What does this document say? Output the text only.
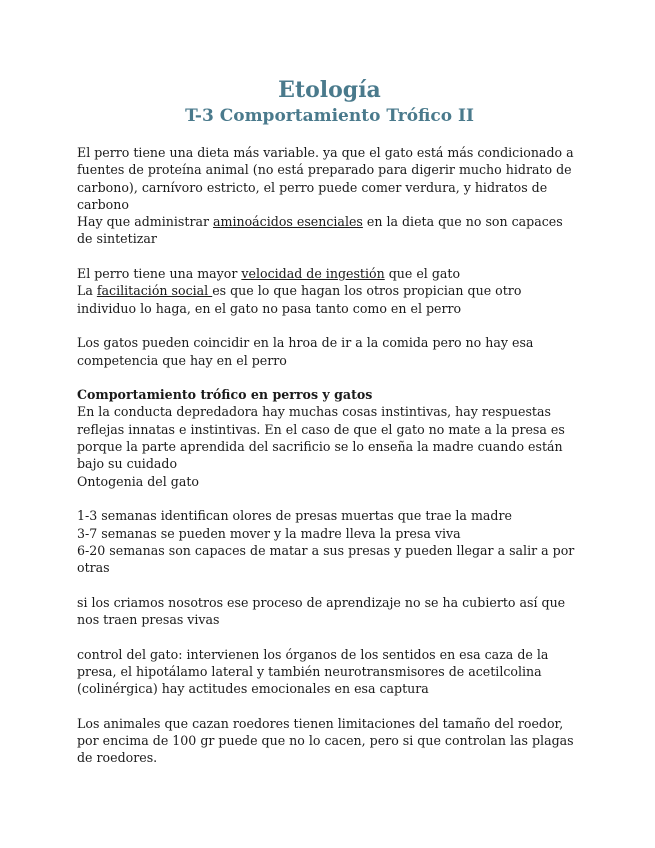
Etología
T-3 Comportamiento Trófico II

El perro tiene una dieta más variable. ya que el gato está más condicionado a fuentes de proteína animal (no está preparado para digerir mucho hidrato de carbono), carnívoro estricto, el perro puede comer verdura, y hidratos de carbono

Hay que administrar aminoácidos esenciales en la dieta que no son capaces de sintetizar

El perro tiene una mayor velocidad de ingestión que el gato

La facilitación social es que lo que hagan los otros propician que otro individuo lo haga, en el gato no pasa tanto como en el perro

Los gatos pueden coincidir en la hroa de ir a la comida pero no hay esa competencia que hay en el perro

Comportamiento trófico en perros y gatos

En la conducta depredadora hay muchas cosas instintivas, hay respuestas reflejas innatas e instintivas. En el caso de que el gato no mate a la presa es porque la parte aprendida del sacrificio se lo enseña la madre cuando están bajo su cuidado

Ontogenia del gato

1-3 semanas identifican olores de presas muertas que trae la madre

3-7 semanas se pueden mover y la madre lleva la presa viva

6-20 semanas son capaces de matar a sus presas y pueden llegar a salir a por otras

si los criamos nosotros ese proceso de aprendizaje no se ha cubierto así que nos traen presas vivas

control del gato: intervienen los órganos de los sentidos en esa caza de la presa, el hipotálamo lateral y también neurotransmisores de acetilcolina (colinérgica) hay actitudes emocionales en esa captura

Los animales que cazan roedores tienen limitaciones del tamaño del roedor, por encima de 100 gr puede que no lo cacen, pero si que controlan las plagas de roedores.
